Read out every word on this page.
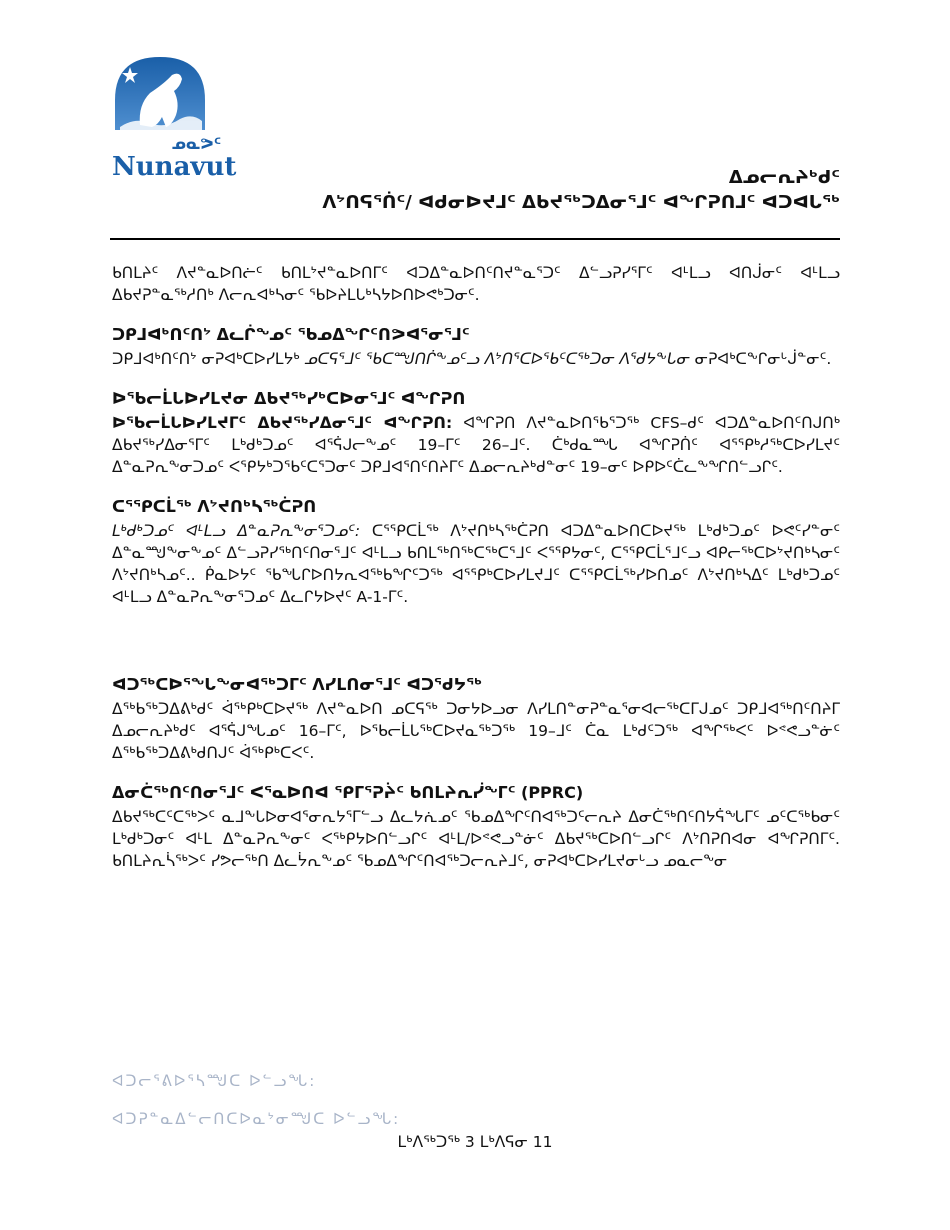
ᓄᓇᕗᑦ
Nunavut	ᐃᓄᓕᕆᔨᒃᑯᑦ
ᐱᔾᑎᕋᕐᑏᑦ/ ᐊᑯᓂᐅᔪᒧᑦ ᐃᑲᔪᖅᑐᐃᓂᕐᒧᑦ ᐊᖏᕈᑎᒧᑦ ᐊᑐᐊᒐᖅ

ᑲᑎᒪᔨᑦ ᐱᔪᓐᓇᐅᑎᓖᑦ ᑲᑎᒪᔾᔪᓐᓇᐅᑎᒥᑦ ᐊᑐᐃᓐᓇᐅᑎᑦᑎᔪᓐᓇᕐᑐᑦ ᐃᓪᓗᕈᓯᕐᒥᑦ ᐊᒻᒪᓗ ᐊᑎᒎᓂᑦ ᐊᒻᒪᓗ ᐃᑲᔪᕈᓐᓇᖅᓱᑎᒃ ᐱᓕᕆᐊᒃᓴᓂᑦ ᖃᐅᔨᒪᒐᒃᓴᔭᐅᑎᐅᕙᒃᑐᓂᑦ.

ᑐᑭᒧᐊᒃᑎᑦᑎᔾ ᐃᓚᒌᖕᓄᑦ ᖃᓄᐃᖏᑦᑎᕗᐊᕐᓂᕐᒧᑦ

ᑐᑭᒧᐊᒃᑎᑦᑎᔾ ᓂᕈᐊᒃᑕᐅᓯᒪᔭᒃ ᓄᑕᕋᕐᒧᑦ ᖃᑕᙳᑎᒌᖕᓄᑦᓗ ᐱᔾᑎᕐᑕᐅᖃᑦᑕᖅᑐᓂ ᐱᕐᑯᔭᖕᒐᓂ ᓂᕈᐊᒃᑕᖕᒋᓂᒡᒎᓐᓂᑦ.

ᐅᖃᓕᒫᒐᐅᓯᒪᔪᓂ ᐃᑲᔪᖅᓯᒃᑕᐅᓂᕐᒧᑦ ᐊᖏᕈᑎ

ᐅᖃᓕᒫᒐᐅᓯᒪᔪᒥᑦ ᐃᑲᔪᖅᓯᐃᓂᕐᒧᑦ ᐊᖏᕈᑎ: ᐊᖏᕈᑎ ᐱᔪᓐᓇᐅᑎᖃᕐᑐᖅ CFS–ᑯᑦ ᐊᑐᐃᓐᓇᐅᑎᑦᑎᒍᑎᒃ ᐃᑲᔪᖅᓯᐃᓂᕐᒥᑦ ᒪᒃᑯᒃᑐᓄᑦ ᐊᕐᕌᒍᓕᖕᓄᑦ 19–ᒥᑦ 26–ᒧᑦ. ᑖᒃᑯᓇᙵ ᐊᖏᕈᑏᑦ ᐊᕐᕿᒃᓱᖅᑕᐅᓯᒪᔪᑦ ᐃᓐᓇᕈᕆᖕᓂᑐᓄᑦ ᐸᕐᑭᔭᒃᑐᖃᑦᑕᕐᑐᓂᑦ ᑐᑭᒧᐊᕐᑎᑦᑎᔨᒥᑦ ᐃᓄᓕᕆᔨᒃᑯᓐᓂᑦ 19–ᓂᑦ ᐅᑭᐅᑦᑖᓚᖕᖏᑎᓪᓗᒋᑦ.

ᑕᕐᕿᑕᒫᖅ ᐱᔾᔪᑎᒃᓴᖅᑖᕈᑎ

ᒪᒃᑯᒃᑐᓄᑦ ᐊᒻᒪᓗ ᐃᓐᓇᕈᕆᖕᓂᕐᑐᓄᑦ: ᑕᕐᕿᑕᒫᖅ ᐱᔾᔪᑎᒃᓴᖅᑖᕈᑎ ᐊᑐᐃᓐᓇᐅᑎᑕᐅᔪᖅ ᒪᒃᑯᒃᑐᓄᑦ ᐅᕙᑦᓯᓐᓂᑦ ᐃᓐᓇᙳᖕᓂᖕᓄᑦ ᐃᓪᓗᕈᓯᖅᑎᑦᑎᓂᕐᒧᑦ ᐊᒻᒪᓗ ᑲᑎᒪᖅᑎᖅᑕᖅᑕᕐᒧᑦ ᐸᕐᕿᔭᓂᑦ, ᑕᕐᕿᑕᒫᕐᒧᑦᓗ ᐊᑭᓕᖅᑕᐅᔾᔪᑎᒃᓴᓂᑦ ᐱᔾᔪᑎᒃᓴᓄᑦ.. ᑮᓇᐅᔭᑦ ᖃᖓᒋᐅᑎᔭᕆᐊᖅᑲᖏᑦᑐᖅ ᐊᕐᕿᒃᑕᐅᓯᒪᔪᒧᑦ ᑕᕐᕿᑕᒫᖅᓯᐅᑎᓄᑦ ᐱᔾᔪᑎᒃᓴᐃᑦ ᒪᒃᑯᒃᑐᓄᑦ ᐊᒻᒪᓗ ᐃᓐᓇᕈᕆᖕᓂᕐᑐᓄᑦ ᐃᓚᒋᔭᐅᔪᑦ A-1-ᒥᑦ.

ᐊᑐᖅᑕᐅᕐᖓᖕᓂᐊᖅᑐᒥᑦ ᐱᓯᒪᑎᓂᕐᒧᑦ ᐊᑐᕐᑯᔭᖅ

ᐃᖅᑲᖅᑐᐃᕕᒃᑯᑦ ᐋᖅᑭᒃᑕᐅᔪᖅ ᐱᔪᓐᓇᐅᑎ ᓄᑕᕋᖅ ᑐᓂᔭᐅᓗᓂ ᐱᓯᒪᑎᓐᓂᕈᓐᓇᕐᓂᐊᓕᖅᑕᒥᒍᓄᑦ ᑐᑭᒧᐊᖅᑎᑦᑎᔨᒥ ᐃᓄᓕᕆᔨᒃᑯᑦ ᐊᕐᕌᒍᖓᓄᑦ 16–ᒥᑦ, ᐅᖃᓕᒫᒐᖅᑕᐅᔪᓇᖅᑐᖅ 19–ᒧᑦ ᑖᓇ ᒪᒃᑯᑦᑐᖅ ᐊᖏᖅᐸᑦ ᐅᕝᕙᓗᓐᓃᑦ ᐃᖅᑲᖅᑐᐃᕕᒃᑯᑎᒍᑦ ᐋᖅᑭᒃᑕᐸᑦ.

ᐃᓂᑖᖅᑎᑦᑎᓂᕐᒧᑦ ᐸᕐᓇᐅᑎᐊ ᕿᒥᕐᕈᔩᑦ ᑲᑎᒪᔨᕆᓰᖕᒥᑦ (PPRC)

ᐃᑲᔪᖅᑕᑦᑕᖅᐳᑦ ᓇᒧᖕᒐᐅᓂᐊᕐᓂᕆᔭᕐᒥᓪᓗ ᐃᓚᔭᕇᓄᑦ ᖃᓄᐃᖏᑦᑎᐊᖅᑐᑦᓕᕆᔨ ᐃᓂᑖᖅᑎᑦᑎᔭᕌᖓᒥᑦ ᓄᑦᑕᖅᑲᓂᑦ ᒪᒃᑯᒃᑐᓂᑦ ᐊᒻᒪ ᐃᓐᓇᕈᕆᖕᓂᑦ ᐸᖅᑭᔭᐅᑎᓪᓗᒋᑦ ᐊᒻᒪ/ᐅᕝᕙᓗᓐᓃᑦ ᐃᑲᔪᖅᑕᐅᑎᓪᓗᒋᑦ ᐱᔾᑎᕈᑎᐊᓂ ᐊᖏᕈᑎᒥᑦ. ᑲᑎᒪᔨᕆᓵᖅᐳᑦ ᓯᕗᓕᖅᑎ ᐃᓚᔮᕆᖕᓄᑦ ᖃᓄᐃᖏᑦᑎᐊᖅᑐᓕᕆᔨᒧᑦ, ᓂᕈᐊᒃᑕᐅᓯᒪᔪᓂᒡᓗ ᓄᓇᓕᖕᓂ

ᐊᑐᓕᕐᕕᐅᕐᓴᙳᑕ ᐅᓪᓗᖓ:

ᐊᑐᕈᓐᓇᐃᓪᓕᑎᑕᐅᓇᔾᓂᙳᑕ ᐅᓪᓗᖓ:

ᒪᒃᐱᖅᑐᖅ 3 ᒪᒃᐱᕋᓂ 11
